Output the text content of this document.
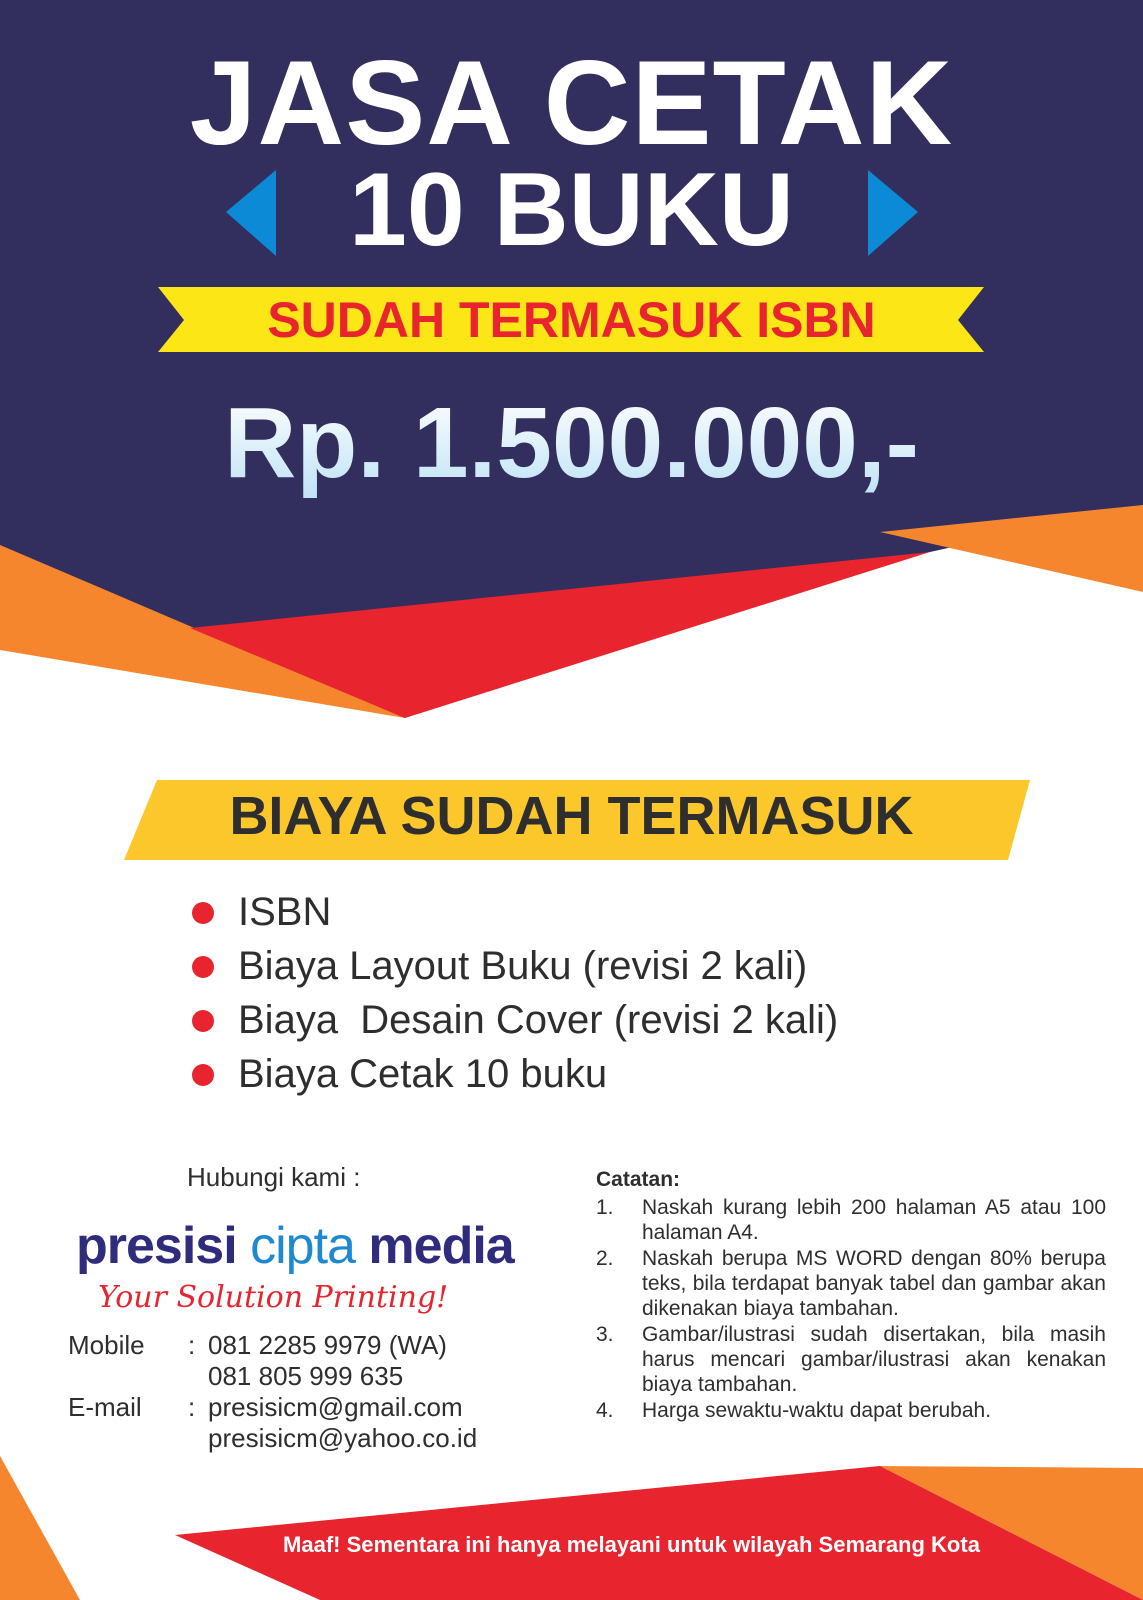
JASA CETAK
10 BUKU
SUDAH TERMASUK ISBN
Rp. 1.500.000,-
BIAYA SUDAH TERMASUK
ISBN
Biaya Layout Buku (revisi 2 kali)
Biaya  Desain Cover (revisi 2 kali)
Biaya Cetak 10 buku
Hubungi kami :
presisi cipta media
Your Solution Printing!
Mobile : 081 2285 9979 (WA)
081 805 999 635
E-mail : presisicm@gmail.com
presisicm@yahoo.co.id
Catatan:
1. Naskah kurang lebih 200 halaman A5 atau 100 halaman A4.
2. Naskah berupa MS WORD dengan 80% berupa teks, bila terdapat banyak tabel dan gambar akan dikenakan biaya tambahan.
3. Gambar/ilustrasi sudah disertakan, bila masih harus mencari gambar/ilustrasi akan kenakan biaya tambahan.
4. Harga sewaktu-waktu dapat berubah.
Maaf! Sementara ini hanya melayani untuk wilayah Semarang Kota
